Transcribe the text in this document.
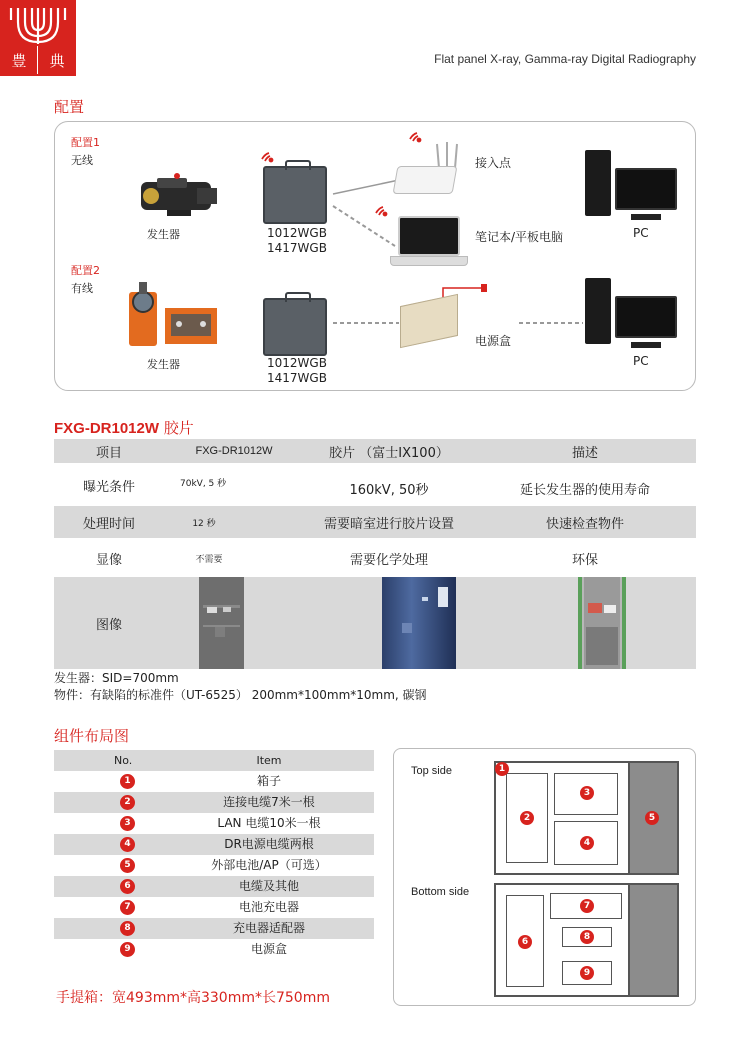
豊	典	Flat panel X-ray, Gamma-ray Digital Radiography
配置
配置1
无线
发生器	1012WGB
1417WGB
接入点
笔记本/平板电脑	PC
配置2
有线
发生器	1012WGB
1417WGB
电源盒
PC
FXG-DR1012W 胶片
项目	FXG-DR1012W	胶片 （富士IX100）	描述
曝光条件	70kV, 5 秒	160kV, 50秒	延长发生器的使用寿命
处理时间	12 秒	需要暗室进行胶片设置	快速检查物件
显像	不需要	需要化学处理	环保
图像
发生器：SID=700mm
物件：有缺陷的标准件（UT-6525） 200mm*100mm*10mm, 碳钢
组件布局图
No.	Item
1	箱子
2	连接电缆7米一根
3	LAN 电缆10米一根
4	DR电源电缆两根
5	外部电池/AP（可选）
6	电缆及其他
7	电池充电器
8	充电器适配器
9	电源盒
手提箱：宽493mm*高330mm*长750mm
Top side
Bottom side
1
2
3
4
5
6
7
8
9
